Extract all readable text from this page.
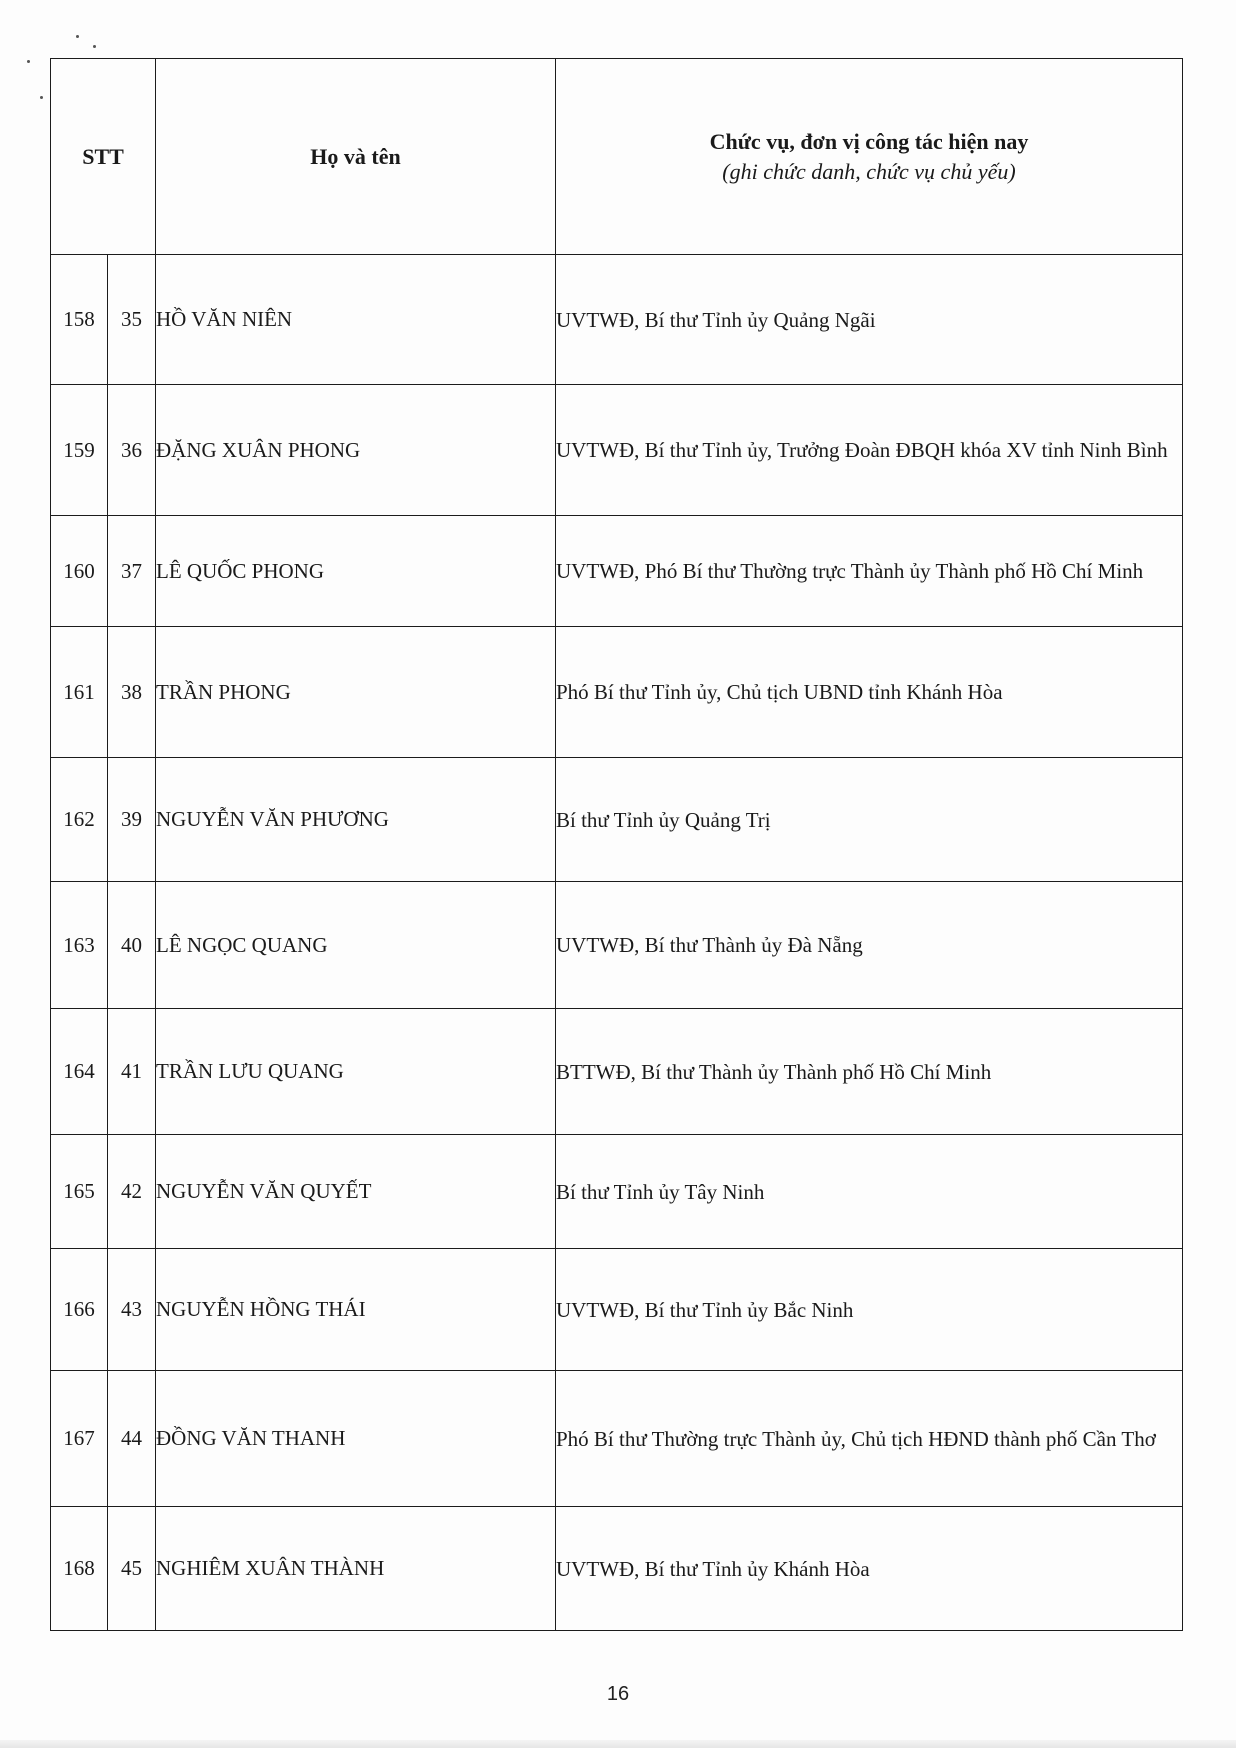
STT		Họ và tên	Chức vụ, đơn vị công tác hiện nay
(ghi chức danh, chức vụ chủ yếu)

158	35	HỒ VĂN NIÊN	UVTWĐ, Bí thư Tỉnh ủy Quảng Ngãi
159	36	ĐẶNG XUÂN PHONG	UVTWĐ, Bí thư Tỉnh ủy, Trưởng Đoàn ĐBQH khóa XV tỉnh Ninh Bình
160	37	LÊ QUỐC PHONG	UVTWĐ, Phó Bí thư Thường trực Thành ủy Thành phố Hồ Chí Minh
161	38	TRẦN PHONG	Phó Bí thư Tỉnh ủy, Chủ tịch UBND tỉnh Khánh Hòa
162	39	NGUYỄN VĂN PHƯƠNG	Bí thư Tỉnh ủy Quảng Trị
163	40	LÊ NGỌC QUANG	UVTWĐ, Bí thư Thành ủy Đà Nẵng
164	41	TRẦN LƯU QUANG	BTTWĐ, Bí thư Thành ủy Thành phố Hồ Chí Minh
165	42	NGUYỄN VĂN QUYẾT	Bí thư Tỉnh ủy Tây Ninh
166	43	NGUYỄN HỒNG THÁI	UVTWĐ, Bí thư Tỉnh ủy Bắc Ninh
167	44	ĐỒNG VĂN THANH	Phó Bí thư Thường trực Thành ủy, Chủ tịch HĐND thành phố Cần Thơ
168	45	NGHIÊM XUÂN THÀNH	UVTWĐ, Bí thư Tỉnh ủy Khánh Hòa
16
